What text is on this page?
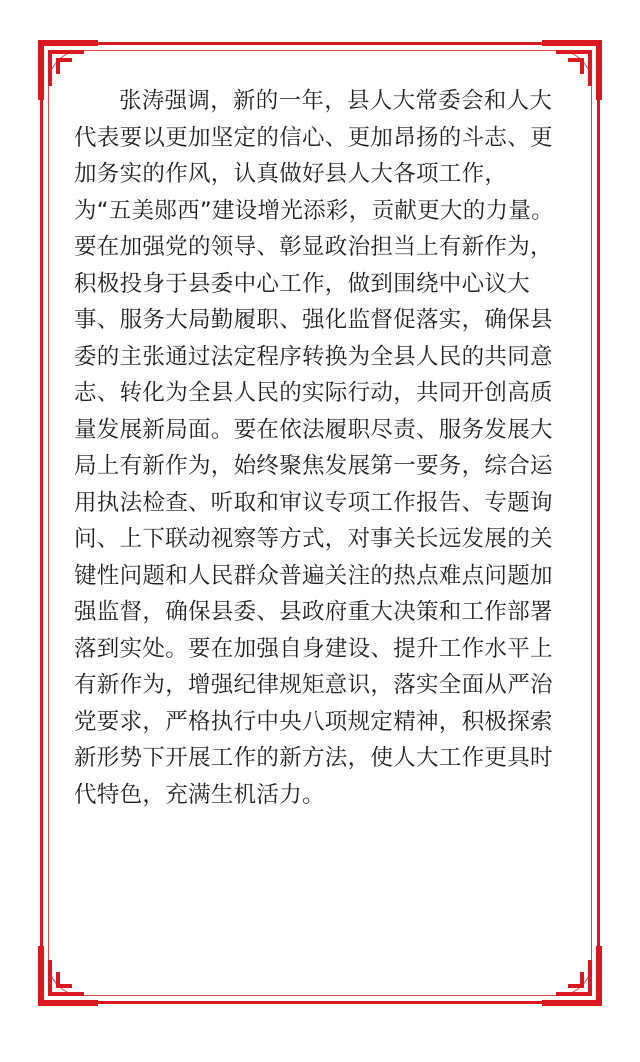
张涛强调，新的一年，县人大常委会和人大
代表要以更加坚定的信心、更加昂扬的斗志、更
加务实的作风，认真做好县人大各项工作，
为“五美郧西”建设增光添彩，贡献更大的力量。
要在加强党的领导、彰显政治担当上有新作为，
积极投身于县委中心工作，做到围绕中心议大
事、服务大局勤履职、强化监督促落实，确保县
委的主张通过法定程序转换为全县人民的共同意
志、转化为全县人民的实际行动，共同开创高质
量发展新局面。要在依法履职尽责、服务发展大
局上有新作为，始终聚焦发展第一要务，综合运
用执法检查、听取和审议专项工作报告、专题询
问、上下联动视察等方式，对事关长远发展的关
键性问题和人民群众普遍关注的热点难点问题加
强监督，确保县委、县政府重大决策和工作部署
落到实处。要在加强自身建设、提升工作水平上
有新作为，增强纪律规矩意识，落实全面从严治
党要求，严格执行中央八项规定精神，积极探索
新形势下开展工作的新方法，使人大工作更具时
代特色，充满生机活力。
